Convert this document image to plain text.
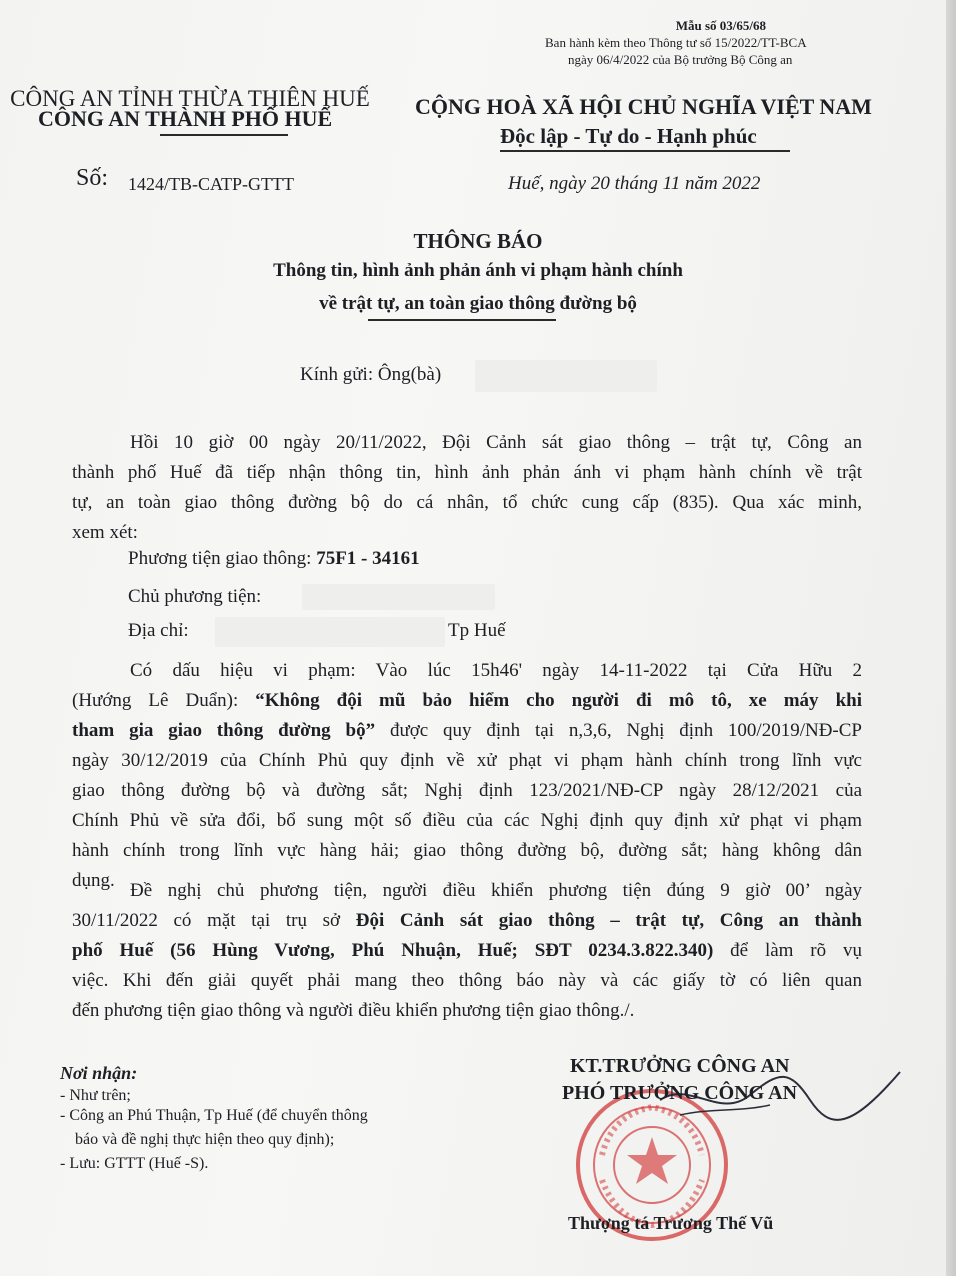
Mẫu số 03/65/68
Ban hành kèm theo Thông tư số 15/2022/TT-BCA
ngày 06/4/2022 của Bộ trưởng Bộ Công an
CÔNG AN TỈNH THỪA THIÊN HUẾ
CÔNG AN THÀNH PHỐ HUẾ	CỘNG HOÀ XÃ HỘI CHỦ NGHĨA VIỆT NAM
Độc lập - Tự do - Hạnh phúc
Số: 1424/TB-CATP-GTTT	Huế, ngày 20 tháng 11 năm 2022
THÔNG BÁO
Thông tin, hình ảnh phản ánh vi phạm hành chính
về trật tự, an toàn giao thông đường bộ
Kính gửi: Ông(bà)
Hồi 10 giờ 00 ngày 20/11/2022, Đội Cảnh sát giao thông – trật tự, Công an
thành phố Huế đã tiếp nhận thông tin, hình ảnh phản ánh vi phạm hành chính về trật
tự, an toàn giao thông đường bộ do cá nhân, tổ chức cung cấp (835). Qua xác minh,
xem xét:
Phương tiện giao thông: 75F1 - 34161
Chủ phương tiện:
Địa chỉ:	Tp Huế
Có dấu hiệu vi phạm: Vào lúc 15h46' ngày 14-11-2022 tại Cửa Hữu 2
(Hướng Lê Duẩn): “Không đội mũ bảo hiểm cho người đi mô tô, xe máy khi
tham gia giao thông đường bộ” được quy định tại n,3,6, Nghị định 100/2019/NĐ-CP
ngày 30/12/2019 của Chính Phủ quy định về xử phạt vi phạm hành chính trong lĩnh vực
giao thông đường bộ và đường sắt; Nghị định 123/2021/NĐ-CP ngày 28/12/2021 của
Chính Phủ về sửa đổi, bổ sung một số điều của các Nghị định quy định xử phạt vi phạm
hành chính trong lĩnh vực hàng hải; giao thông đường bộ, đường sắt; hàng không dân
dụng. Đề nghị chủ phương tiện, người điều khiển phương tiện đúng 9 giờ 00’ ngày
30/11/2022 có mặt tại trụ sở Đội Cảnh sát giao thông – trật tự, Công an thành
phố Huế (56 Hùng Vương, Phú Nhuận, Huế; SĐT 0234.3.822.340) để làm rõ vụ
việc. Khi đến giải quyết phải mang theo thông báo này và các giấy tờ có liên quan
đến phương tiện giao thông và người điều khiển phương tiện giao thông./.
Nơi nhận:
- Như trên;
- Công an Phú Thuận, Tp Huế (để chuyển thông
báo và đề nghị thực hiện theo quy định);
- Lưu: GTTT (Huế -S).
KT.TRƯỞNG CÔNG AN
PHÓ TRƯỞNG CÔNG AN
Thượng tá Trương Thế Vũ
